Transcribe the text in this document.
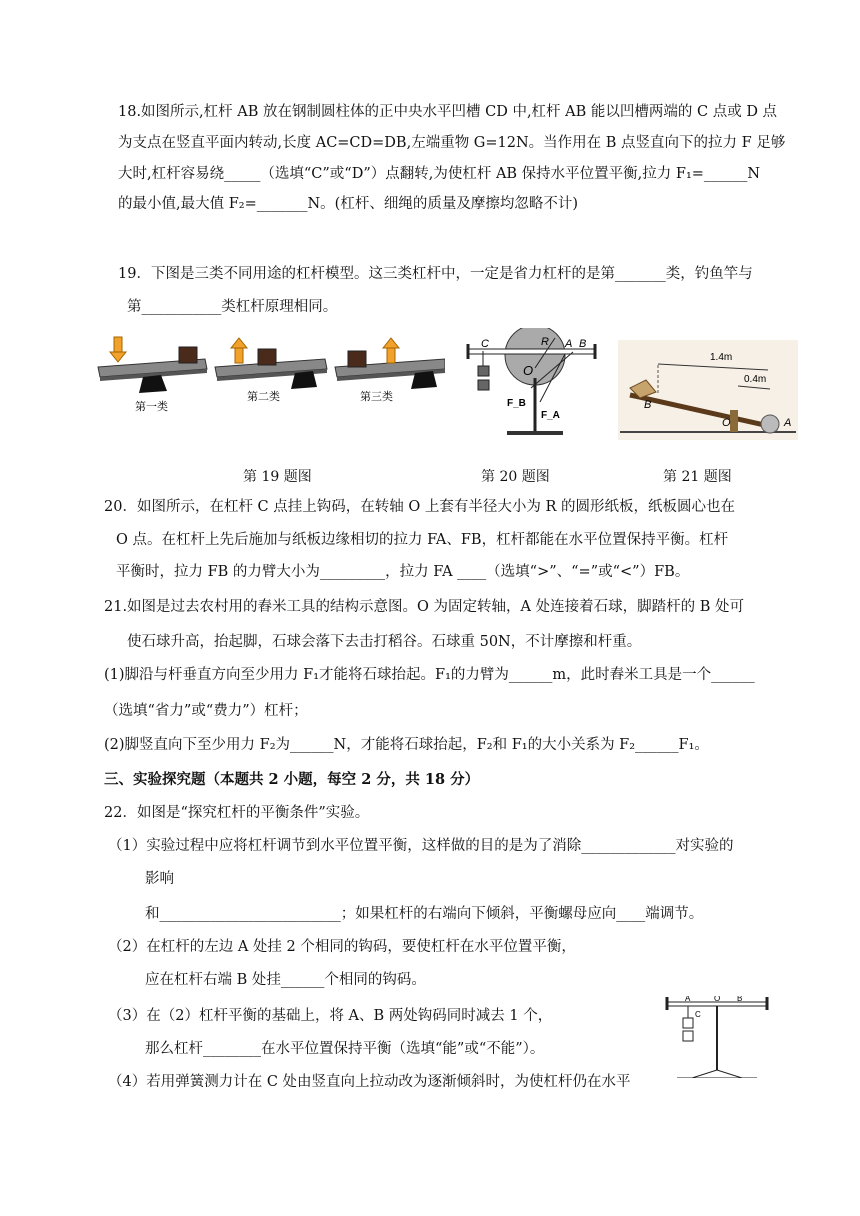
18.如图所示,杠杆 AB 放在钢制圆柱体的正中央水平凹槽 CD 中,杠杆 AB 能以凹槽两端的 C 点或 D 点
为支点在竖直平面内转动,长度 AC=CD=DB,左端重物 G=12N。当作用在 B 点竖直向下的拉力 F 足够
大时,杠杆容易绕_____（选填“C”或“D”）点翻转,为使杠杆 AB 保持水平位置平衡,拉力 F₁=______N
的最小值,最大值 F₂=_______N。(杠杆、细绳的质量及摩擦均忽略不计)
19．下图是三类不同用途的杠杆模型。这三类杠杆中，一定是省力杠杆的是第_______类，钓鱼竿与
第___________类杠杆原理相同。
第一类
第二类	第三类
C	R A B
O
F_B
F_A
1.4m
0.4m
B
O	A
第 19 题图	第 20 题图	第 21 题图
20．如图所示，在杠杆 C 点挂上钩码，在转轴 O 上套有半径大小为 R 的圆形纸板，纸板圆心也在
O 点。在杠杆上先后施加与纸板边缘相切的拉力 FA、FB，杠杆都能在水平位置保持平衡。杠杆
平衡时，拉力 FB 的力臂大小为_________，拉力 FA ____（选填“>”、“=”或“<”）FB。
21.如图是过去农村用的舂米工具的结构示意图。O 为固定转轴，A 处连接着石球，脚踏杆的 B 处可
使石球升高，抬起脚，石球会落下去击打稻谷。石球重 50N，不计摩擦和杆重。
(1)脚沿与杆垂直方向至少用力 F₁才能将石球抬起。F₁的力臂为______m，此时舂米工具是一个______
（选填“省力”或“费力”）杠杆；
(2)脚竖直向下至少用力 F₂为______N，才能将石球抬起，F₂和 F₁的大小关系为 F₂______F₁。
三、实验探究题（本题共 2 小题，每空 2 分，共 18 分）
22．如图是“探究杠杆的平衡条件”实验。
（1）实验过程中应将杠杆调节到水平位置平衡，这样做的目的是为了消除_____________对实验的
影响
和_________________________；如果杠杆的右端向下倾斜，平衡螺母应向____端调节。
（2）在杠杆的左边 A 处挂 2 个相同的钩码，要使杠杆在水平位置平衡，
应在杠杆右端 B 处挂______个相同的钩码。
（3）在（2）杠杆平衡的基础上，将 A、B 两处钩码同时减去 1 个，
那么杠杆________在水平位置保持平衡（选填“能”或“不能”）。
（4）若用弹簧测力计在 C 处由竖直向上拉动改为逐渐倾斜时，为使杠杆仍在水平
A	O B
C
